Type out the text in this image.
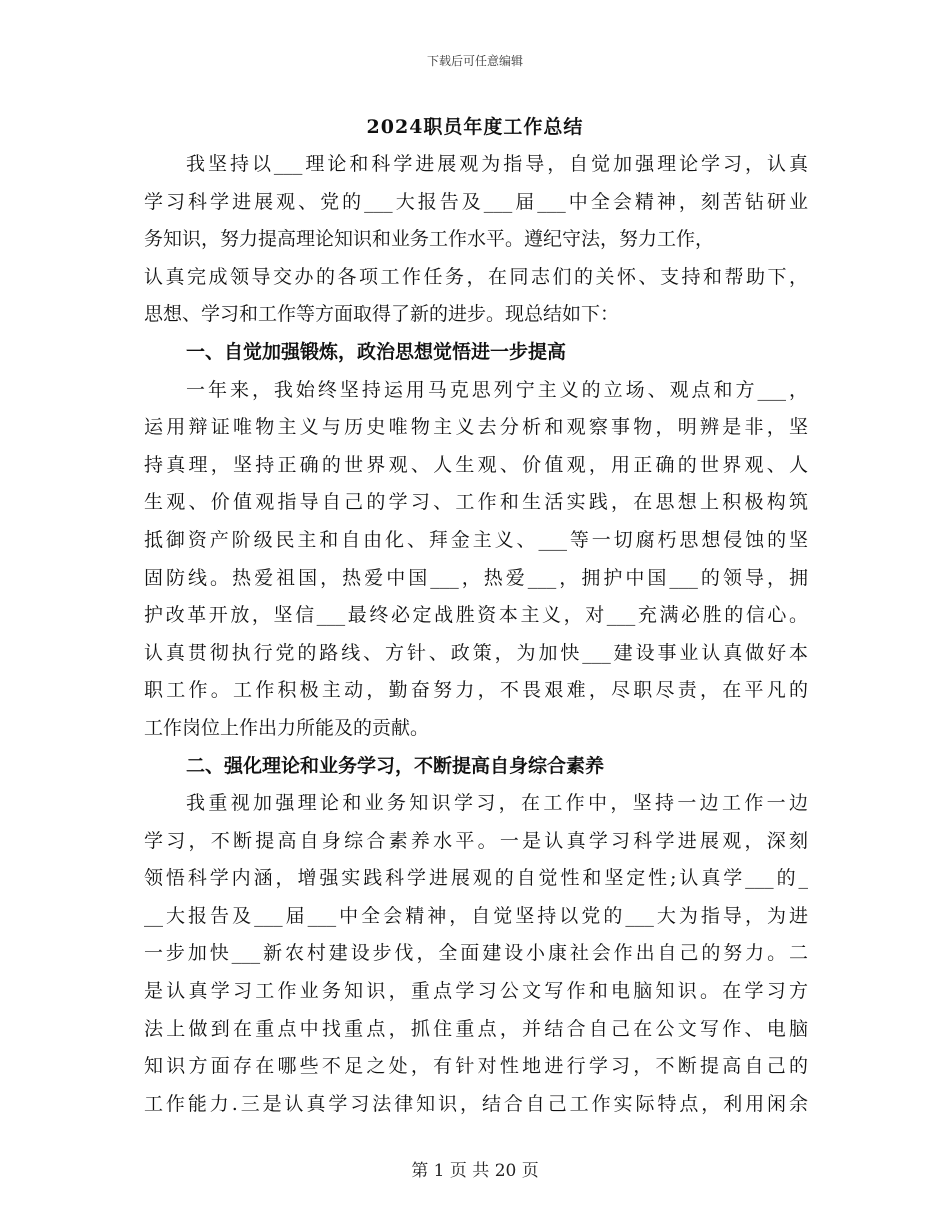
下载后可任意编辑
2024职员年度工作总结
我坚持以___理论和科学进展观为指导，自觉加强理论学习，认真
学习科学进展观、党的___大报告及___届___中全会精神，刻苦钻研业
务知识，努力提高理论知识和业务工作水平。遵纪守法，努力工作，
认真完成领导交办的各项工作任务，在同志们的关怀、支持和帮助下，
思想、学习和工作等方面取得了新的进步。现总结如下：
一、自觉加强锻炼，政治思想觉悟进一步提高
一年来，我始终坚持运用马克思列宁主义的立场、观点和方___，
运用辩证唯物主义与历史唯物主义去分析和观察事物，明辨是非，坚
持真理，坚持正确的世界观、人生观、价值观，用正确的世界观、人
生观、价值观指导自己的学习、工作和生活实践，在思想上积极构筑
抵御资产阶级民主和自由化、拜金主义、___等一切腐朽思想侵蚀的坚
固防线。热爱祖国，热爱中国___，热爱___，拥护中国___的领导，拥
护改革开放，坚信___最终必定战胜资本主义，对___充满必胜的信心。
认真贯彻执行党的路线、方针、政策，为加快___建设事业认真做好本
职工作。工作积极主动，勤奋努力，不畏艰难，尽职尽责，在平凡的
工作岗位上作出力所能及的贡献。
二、强化理论和业务学习，不断提高自身综合素养
我重视加强理论和业务知识学习，在工作中，坚持一边工作一边
学习，不断提高自身综合素养水平。一是认真学习科学进展观，深刻
领悟科学内涵，增强实践科学进展观的自觉性和坚定性;认真学___的_
__大报告及___届___中全会精神，自觉坚持以党的___大为指导，为进
一步加快___新农村建设步伐，全面建设小康社会作出自己的努力。二
是认真学习工作业务知识，重点学习公文写作和电脑知识。在学习方
法上做到在重点中找重点，抓住重点，并结合自己在公文写作、电脑
知识方面存在哪些不足之处，有针对性地进行学习，不断提高自己的
工作能力.三是认真学习法律知识，结合自己工作实际特点，利用闲余
第 1 页 共 20 页
